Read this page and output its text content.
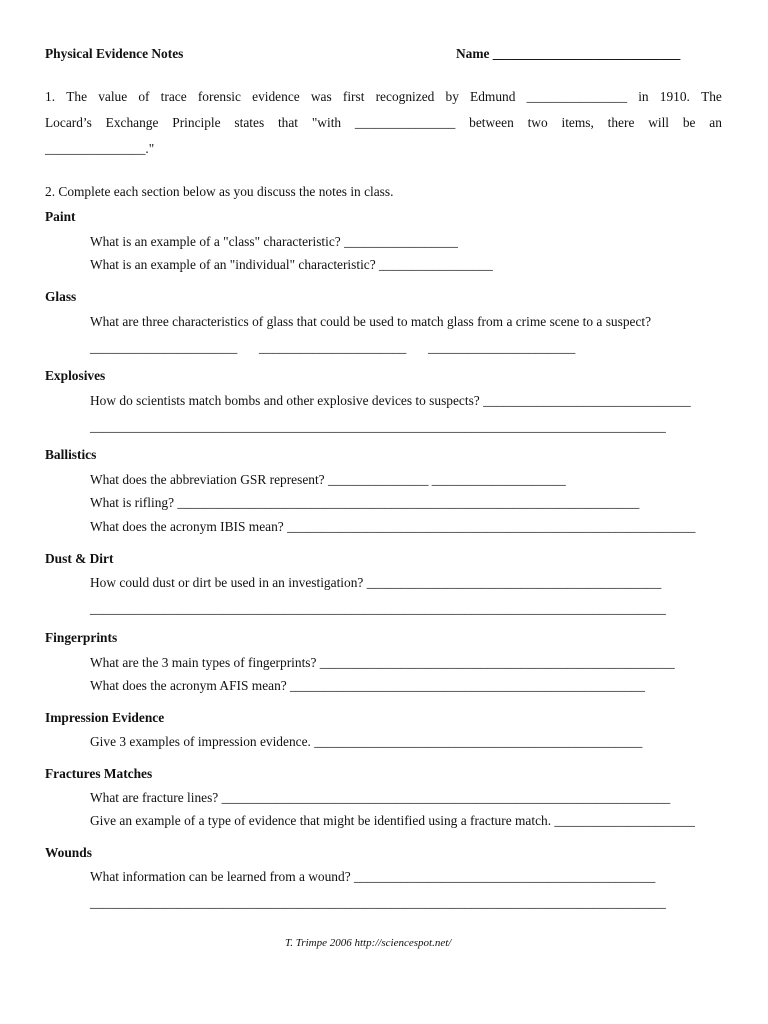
Physical Evidence Notes	Name ____________________________
1. The value of trace forensic evidence was first recognized by Edmund _______________ in 1910. The
Locard’s Exchange Principle states that "with _______________ between two items, there will be an
_______________."
2. Complete each section below as you discuss the notes in class.
Paint
What is an example of a "class" characteristic? _________________
What is an example of an "individual" characteristic? _________________
Glass
What are three characteristics of glass that could be used to match glass from a crime scene to a suspect?
______________________ ______________________ ______________________
Explosives
How do scientists match bombs and other explosive devices to suspects? _______________________________
______________________________________________________________________________________
Ballistics
What does the abbreviation GSR represent? _______________ ____________________
What is rifling? _____________________________________________________________________
What does the acronym IBIS mean? _____________________________________________________________
Dust & Dirt
How could dust or dirt be used in an investigation? ____________________________________________
______________________________________________________________________________________
Fingerprints
What are the 3 main types of fingerprints? _____________________________________________________
What does the acronym AFIS mean? _____________________________________________________
Impression Evidence
Give 3 examples of impression evidence. _________________________________________________
Fractures Matches
What are fracture lines? ___________________________________________________________________
Give an example of a type of evidence that might be identified using a fracture match. _____________________
Wounds
What information can be learned from a wound? _____________________________________________
______________________________________________________________________________________
T. Trimpe 2006 http://sciencespot.net/
